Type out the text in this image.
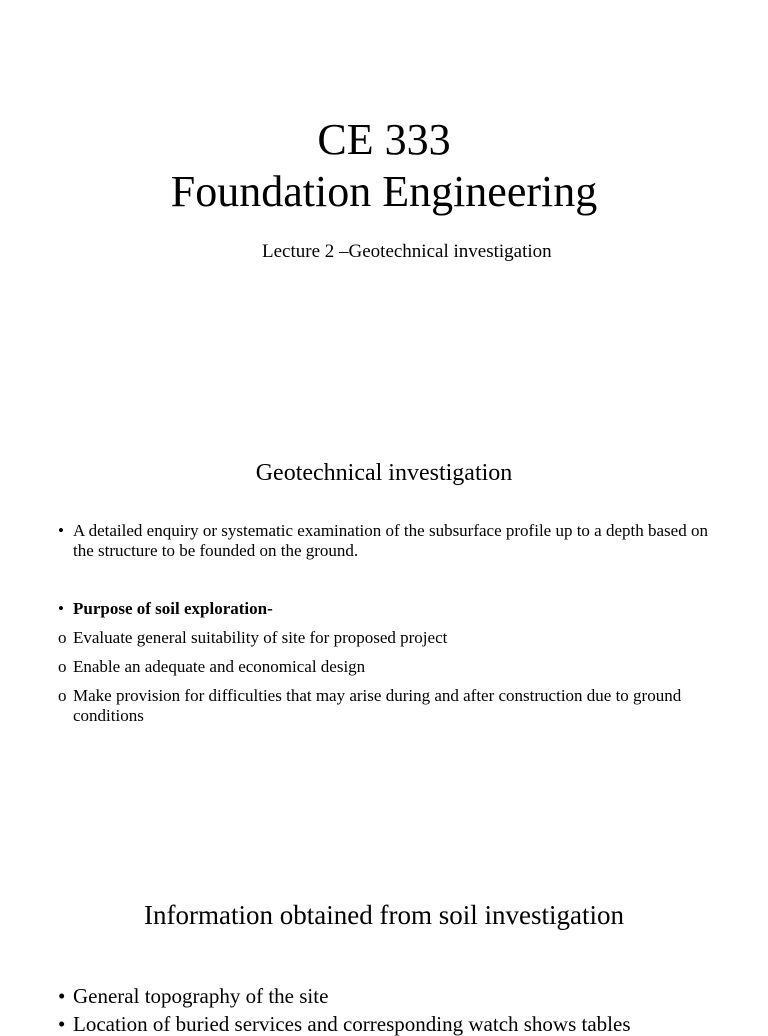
CE 333
Foundation Engineering
Lecture 2 –Geotechnical investigation
Geotechnical investigation
• A detailed enquiry or systematic examination of the subsurface profile up to a depth based on the structure to be founded on the ground.
• Purpose of soil exploration-
o Evaluate general suitability of site for proposed project
o Enable an adequate and economical design
o Make provision for difficulties that may arise during and after construction due to ground conditions
Information obtained from soil investigation
• General topography of the site
• Location of buried services and corresponding watch shows tables
